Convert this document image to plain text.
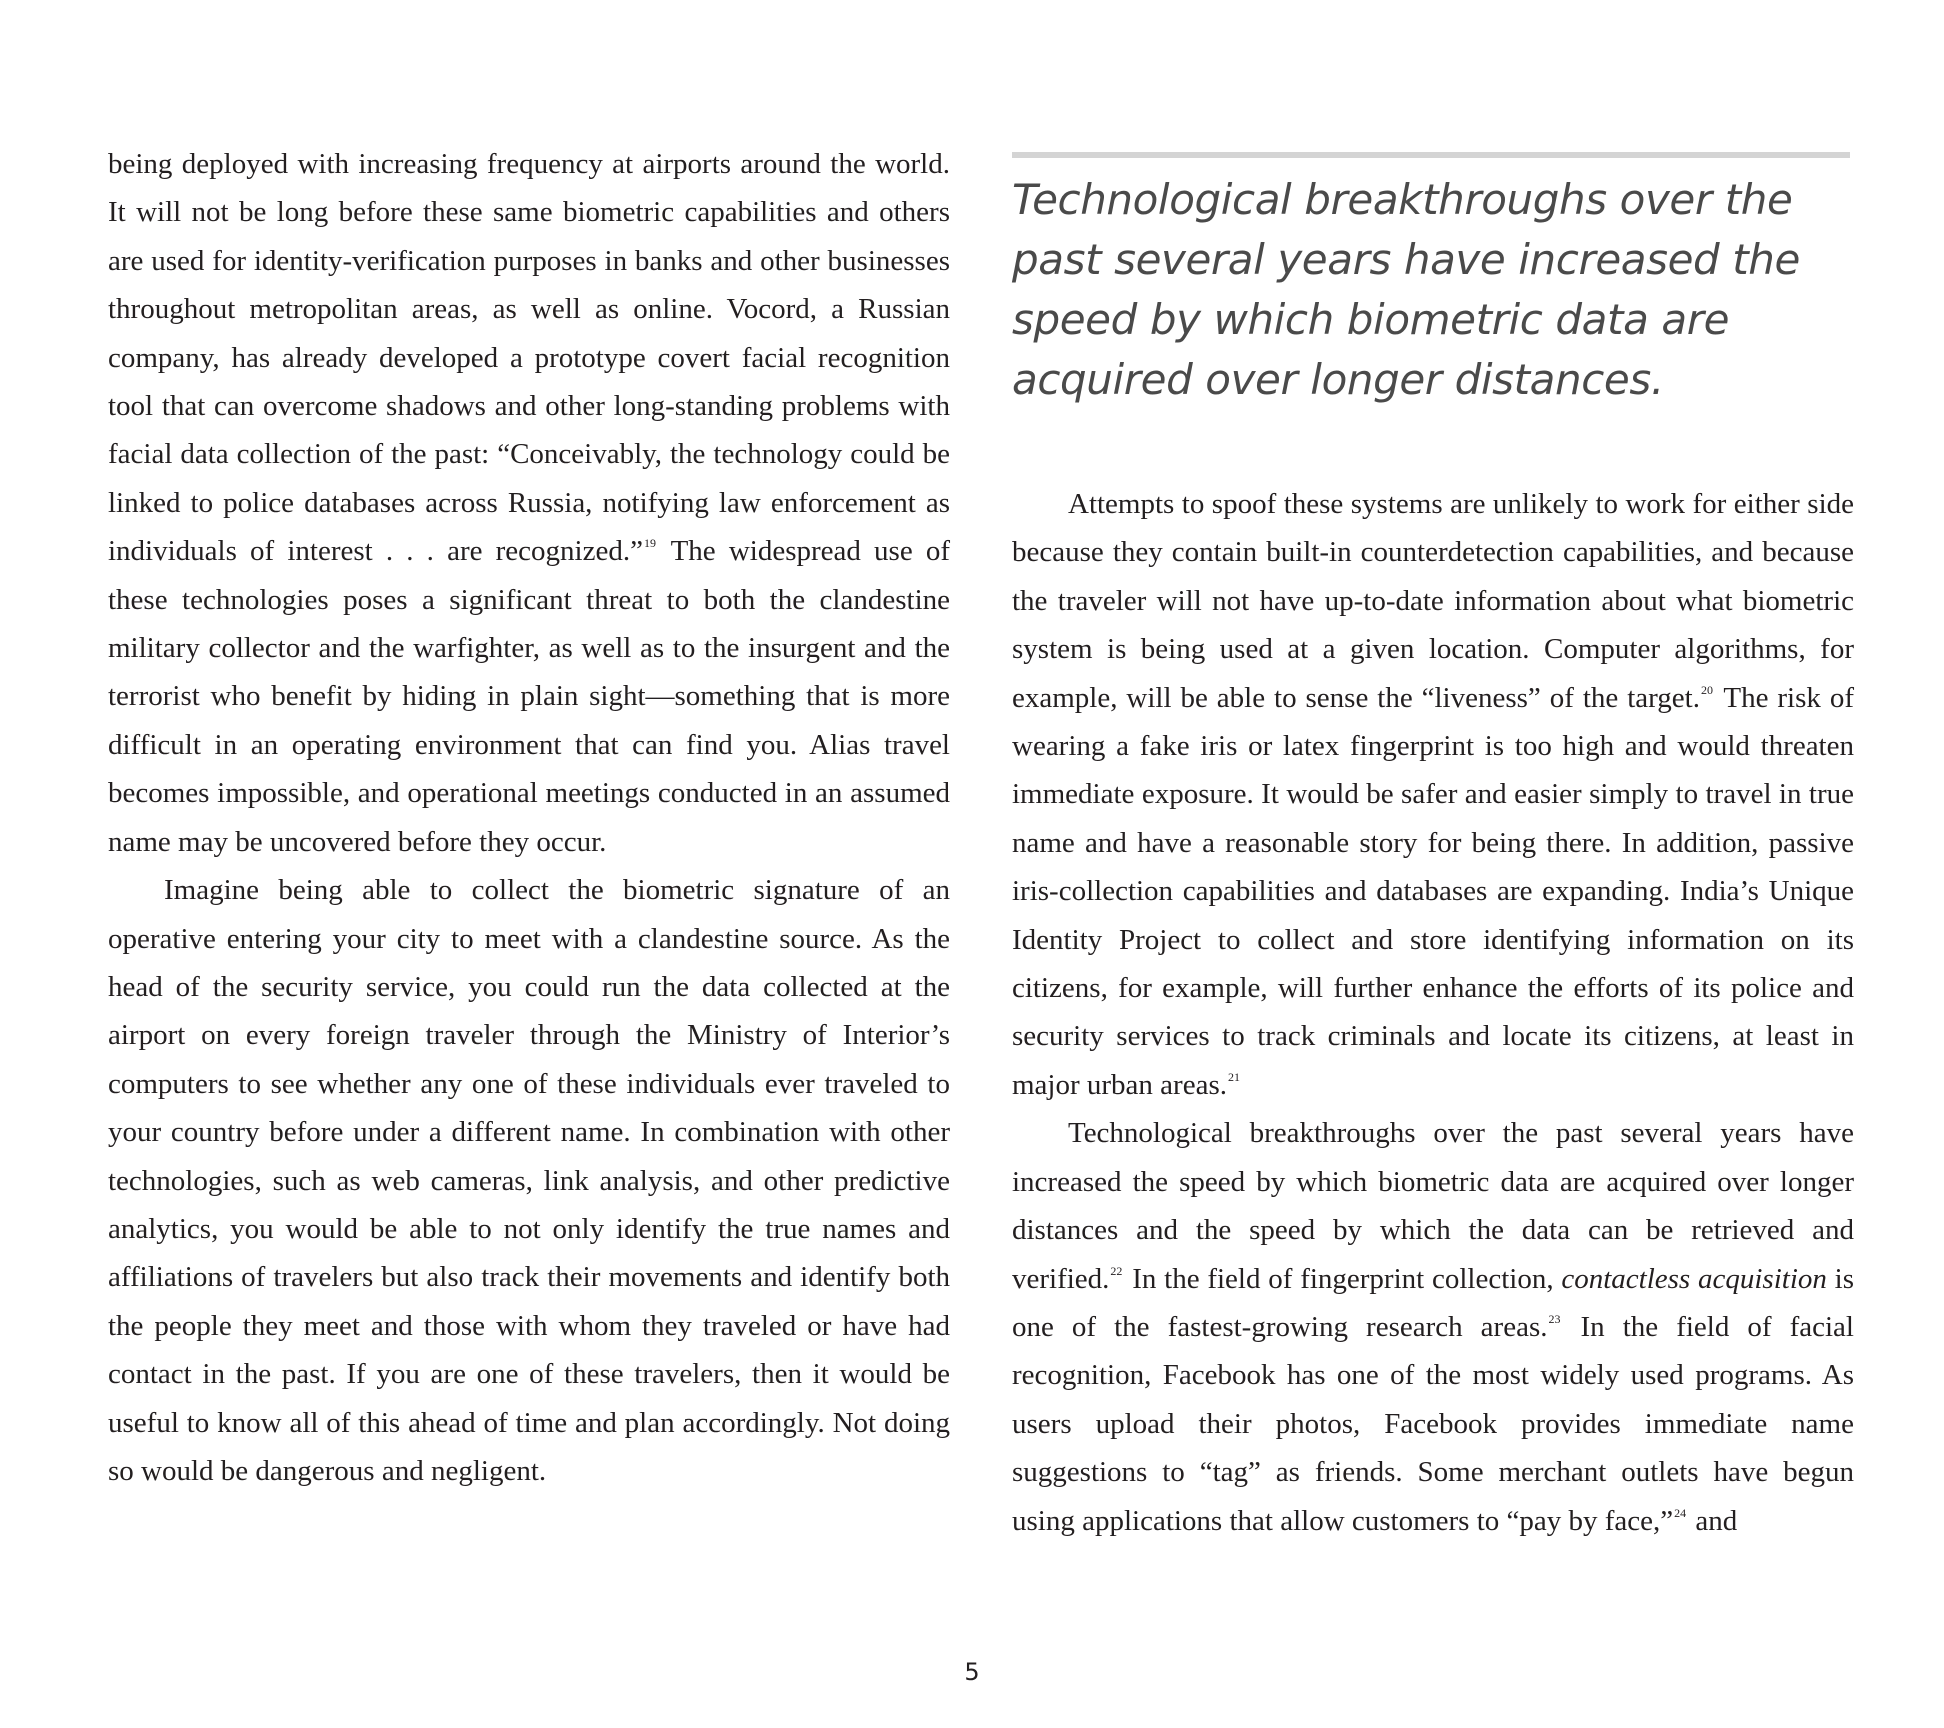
being deployed with increasing frequency at airports around the world. It will not be long before these same biometric capabilities and others are used for identity-verification purposes in banks and other businesses throughout metropolitan areas, as well as online. Vocord, a Russian company, has already developed a prototype covert facial recognition tool that can overcome shadows and other long-standing problems with facial data collection of the past: “Conceivably, the technology could be linked to police databases across Russia, notifying law enforcement as individuals of interest . . . are recognized.”$^{19}$ The widespread use of these technologies poses a significant threat to both the clandestine military collector and the warfighter, as well as to the insurgent and the terrorist who benefit by hiding in plain sight—something that is more difficult in an operating environment that can find you. Alias travel becomes impossible, and operational meetings conducted in an assumed name may be uncovered before they occur.

Imagine being able to collect the biometric signature of an operative entering your city to meet with a clandestine source. As the head of the security service, you could run the data collected at the airport on every foreign traveler through the Ministry of Interior’s computers to see whether any one of these individuals ever traveled to your country before under a different name. In combination with other technologies, such as web cameras, link analysis, and other predictive analytics, you would be able to not only identify the true names and affiliations of travelers but also track their movements and identify both the people they meet and those with whom they traveled or have had contact in the past. If you are one of these travelers, then it would be useful to know all of this ahead of time and plan accordingly. Not doing so would be dangerous and negligent.

Technological breakthroughs over the past several years have increased the speed by which biometric data are acquired over longer distances.

Attempts to spoof these systems are unlikely to work for either side because they contain built-in counterdetection capabilities, and because the traveler will not have up-to-date information about what biometric system is being used at a given location. Computer algorithms, for example, will be able to sense the “liveness” of the target.$^{20}$ The risk of wearing a fake iris or latex fingerprint is too high and would threaten immediate exposure. It would be safer and easier simply to travel in true name and have a reasonable story for being there. In addition, passive iris-collection capabilities and databases are expanding. India’s Unique Identity Project to collect and store identifying information on its citizens, for example, will further enhance the efforts of its police and security services to track criminals and locate its citizens, at least in major urban areas.$^{21}$

Technological breakthroughs over the past several years have increased the speed by which biometric data are acquired over longer distances and the speed by which the data can be retrieved and verified.$^{22}$ In the field of fingerprint collection, contactless acquisition is one of the fastest-growing research areas.$^{23}$ In the field of facial recognition, Facebook has one of the most widely used programs. As users upload their photos, Facebook provides immediate name suggestions to “tag” as friends. Some merchant outlets have begun using applications that allow customers to “pay by face,”$^{24}$ and

5
